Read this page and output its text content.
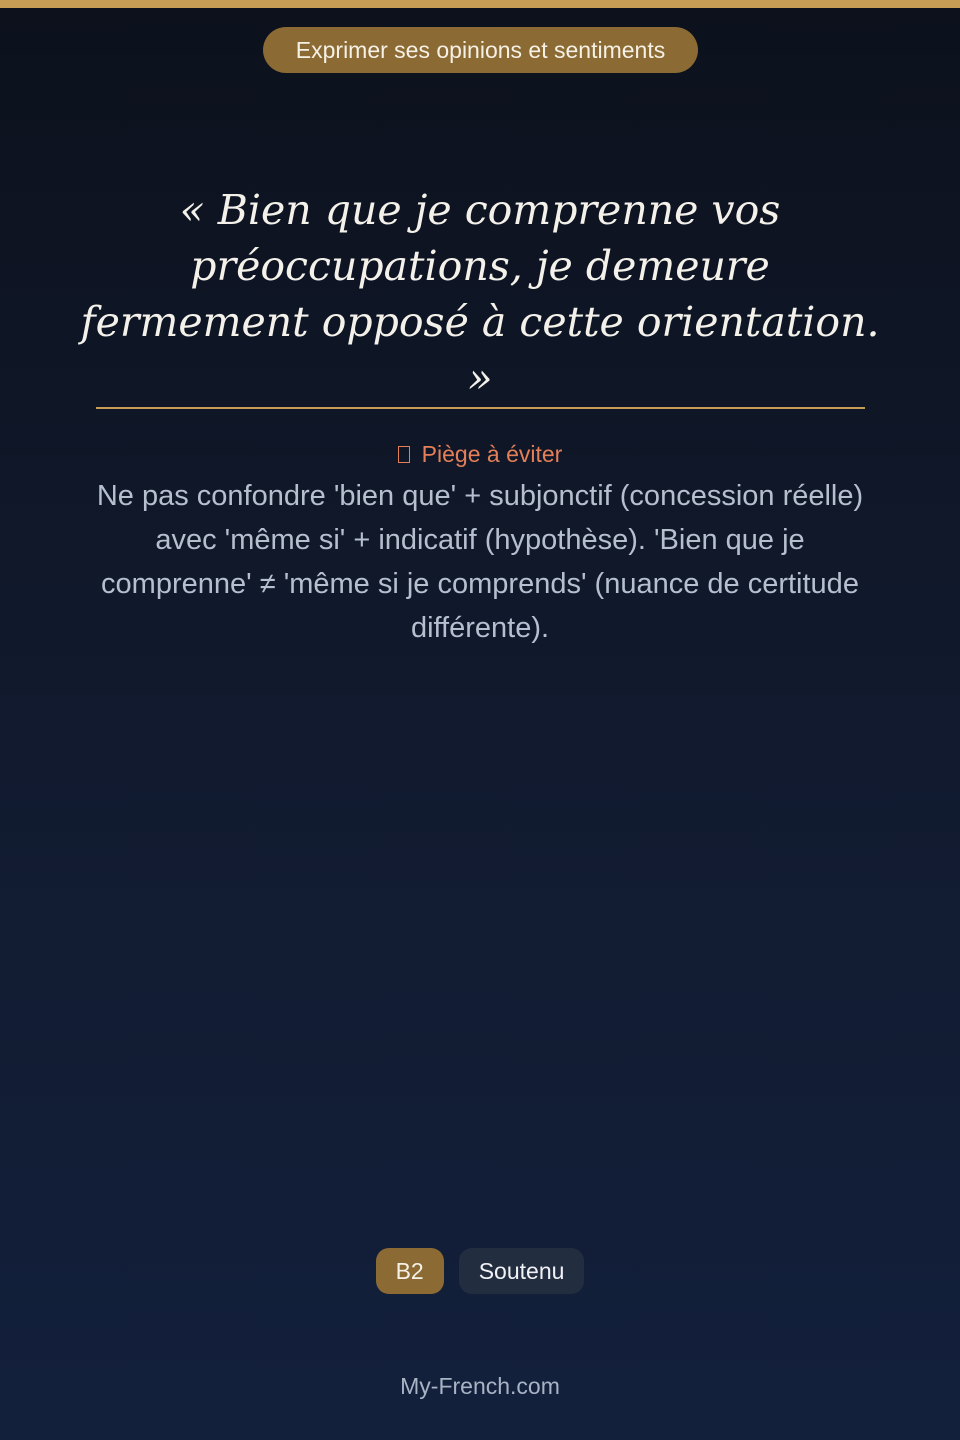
Exprimer ses opinions et sentiments

« Bien que je comprenne vos préoccupations, je demeure fermement opposé à cette orientation. »

Piège à éviter

Ne pas confondre 'bien que' + subjonctif (concession réelle) avec 'même si' + indicatif (hypothèse). 'Bien que je comprenne' ≠ 'même si je comprends' (nuance de certitude différente).

B2	Soutenu
My-French.com
